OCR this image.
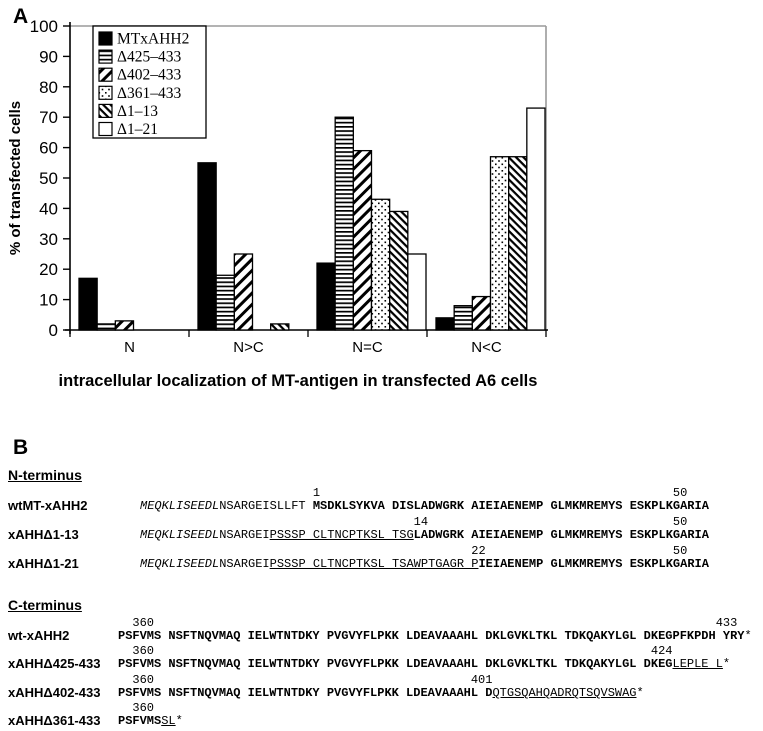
A
0
10
20
30
40
50
60
70
80
90
100
N	N>C	N=C	N<C
intracellular localization of MT-antigen in transfected A6 cells
% of transfected cells
MTxAHH2
Δ425–433
Δ402–433
Δ361–433
Δ1–13
Δ1–21
B
N-terminus
wtMT-xAHH2
1                                                 50
MEQKLISEEDLNSARGEISLLFT MSDKLSYKVA DISLADWGRK AIEIAENEMP GLMKMREMYS ESKPLKGARIA
xAHHΔ1-13
14                                  50
MEQKLISEEDLNSARGEIPSSSP CLTNCPTKSL TSGLADWGRK AIEIAENEMP GLMKMREMYS ESKPLKGARIA
xAHHΔ1-21
22                          50
MEQKLISEEDLNSARGEIPSSSP CLTNCPTKSL TSAWPTGAGR PIEIAENEMP GLMKMREMYS ESKPLKGARIA
C-terminus
wt-xAHH2
360                                                                              433
PSFVMS NSFTNQVMAQ IELWTNTDKY PVGVYFLPKK LDEAVAAAHL DKLGVKLTKL TDKQAKYLGL DKEGPFKPDH YRY*
xAHHΔ425-433
360                                                                     424
PSFVMS NSFTNQVMAQ IELWTNTDKY PVGVYFLPKK LDEAVAAAHL DKLGVKLTKL TDKQAKYLGL DKEGLEPLE L*
xAHHΔ402-433
360                                            401
PSFVMS NSFTNQVMAQ IELWTNTDKY PVGVYFLPKK LDEAVAAAHL DQTGSQAHQADRQTSQVSWAG*
xAHHΔ361-433
360
PSFVMSSL*
